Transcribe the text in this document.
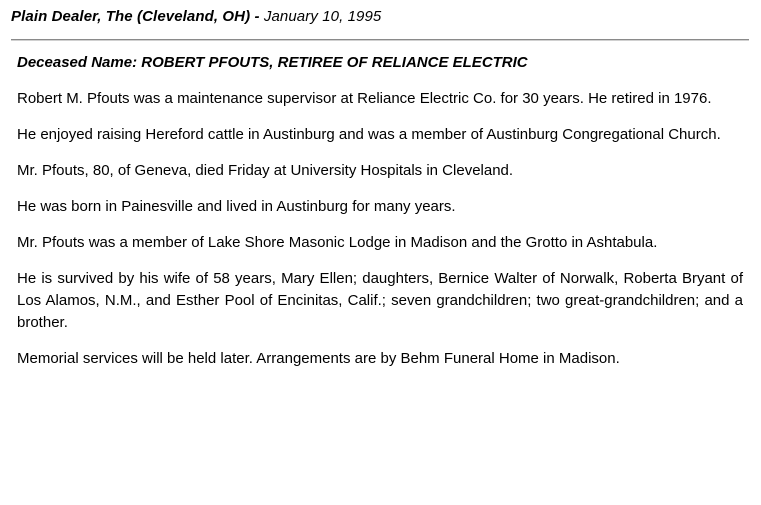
Plain Dealer, The (Cleveland, OH) - January 10, 1995
Deceased Name: ROBERT PFOUTS, RETIREE OF RELIANCE ELECTRIC

Robert M. Pfouts was a maintenance supervisor at Reliance Electric Co. for 30 years. He retired in 1976.

He enjoyed raising Hereford cattle in Austinburg and was a member of Austinburg Congregational Church.

Mr. Pfouts, 80, of Geneva, died Friday at University Hospitals in Cleveland.

He was born in Painesville and lived in Austinburg for many years.

Mr. Pfouts was a member of Lake Shore Masonic Lodge in Madison and the Grotto in Ashtabula.

He is survived by his wife of 58 years, Mary Ellen; daughters, Bernice Walter of Norwalk, Roberta Bryant of Los Alamos, N.M., and Esther Pool of Encinitas, Calif.; seven grandchildren; two great-grandchildren; and a brother.

Memorial services will be held later. Arrangements are by Behm Funeral Home in Madison.
